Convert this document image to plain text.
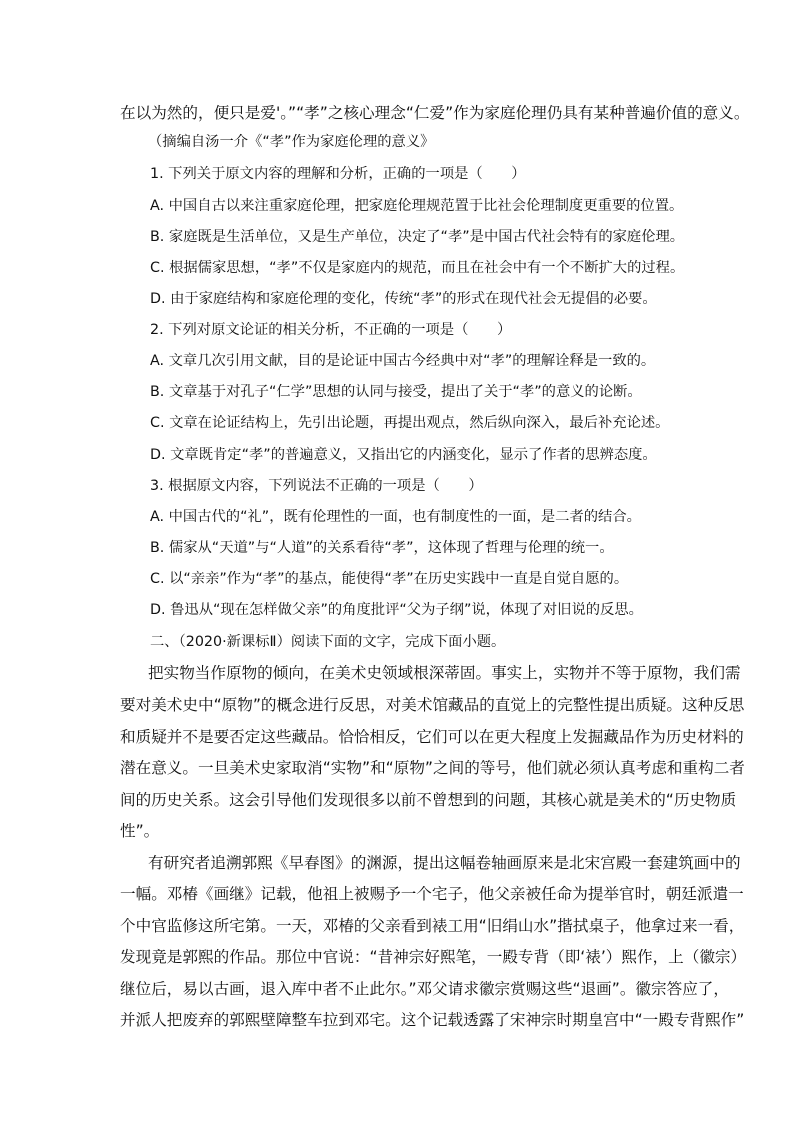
在以为然的，便只是爱'。”“孝”之核心理念“仁爱”作为家庭伦理仍具有某种普遍价值的意义。
（摘编自汤一介《“孝”作为家庭伦理的意义》
1. 下列关于原文内容的理解和分析，正确的一项是（　　）
A. 中国自古以来注重家庭伦理，把家庭伦理规范置于比社会伦理制度更重要的位置。
B. 家庭既是生活单位，又是生产单位，决定了“孝”是中国古代社会特有的家庭伦理。
C. 根据儒家思想，“孝”不仅是家庭内的规范，而且在社会中有一个不断扩大的过程。
D. 由于家庭结构和家庭伦理的变化，传统“孝”的形式在现代社会无提倡的必要。
2. 下列对原文论证的相关分析，不正确的一项是（　　）
A. 文章几次引用文献，目的是论证中国古今经典中对“孝”的理解诠释是一致的。
B. 文章基于对孔子“仁学”思想的认同与接受，提出了关于“孝”的意义的论断。
C. 文章在论证结构上，先引出论题，再提出观点，然后纵向深入，最后补充论述。
D. 文章既肯定“孝”的普遍意义，又指出它的内涵变化，显示了作者的思辨态度。
3. 根据原文内容，下列说法不正确的一项是（　　）
A. 中国古代的“礼”，既有伦理性的一面，也有制度性的一面，是二者的结合。
B. 儒家从“天道”与“人道”的关系看待“孝”，这体现了哲理与伦理的统一。
C. 以“亲亲”作为“孝”的基点，能使得“孝”在历史实践中一直是自觉自愿的。
D. 鲁迅从“现在怎样做父亲”的角度批评“父为子纲”说，体现了对旧说的反思。
二、（2020·新课标Ⅱ）阅读下面的文字，完成下面小题。
把实物当作原物的倾向，在美术史领域根深蒂固。事实上，实物并不等于原物，我们需
要对美术史中“原物”的概念进行反思，对美术馆藏品的直觉上的完整性提出质疑。这种反思
和质疑并不是要否定这些藏品。恰恰相反，它们可以在更大程度上发掘藏品作为历史材料的
潜在意义。一旦美术史家取消“实物”和“原物”之间的等号，他们就必须认真考虑和重构二者
间的历史关系。这会引导他们发现很多以前不曾想到的问题，其核心就是美术的“历史物质
性”。
有研究者追溯郭熙《早春图》的渊源，提出这幅卷轴画原来是北宋宫殿一套建筑画中的
一幅。邓椿《画继》记载，他祖上被赐予一个宅子，他父亲被任命为提举官时，朝廷派遣一
个中官监修这所宅第。一天，邓椿的父亲看到裱工用“旧绢山水”揩拭桌子，他拿过来一看，
发现竟是郭熙的作品。那位中官说：“昔神宗好熙笔，一殿专背（即‘裱’）熙作，上（徽宗）
继位后，易以古画，退入库中者不止此尔。”邓父请求徽宗赏赐这些“退画”。徽宗答应了，
并派人把废弃的郭熙壁障整车拉到邓宅。这个记载透露了宋神宗时期皇宫中“一殿专背熙作”
